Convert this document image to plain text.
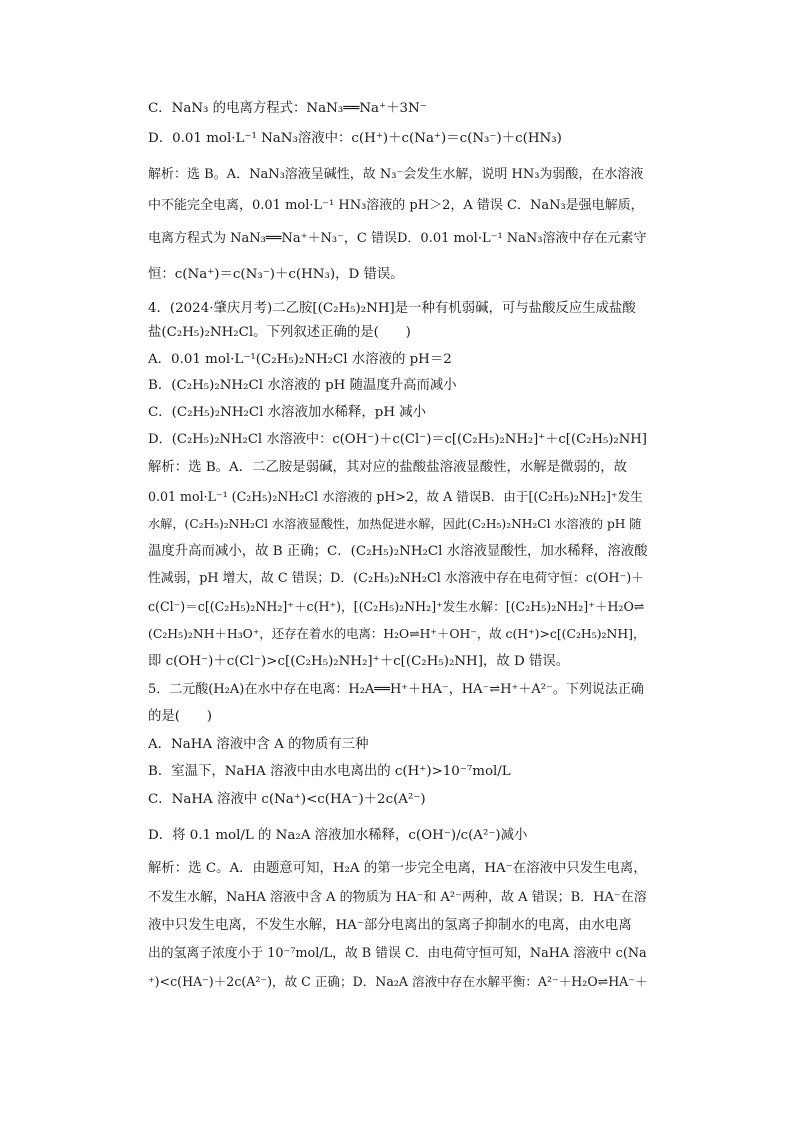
C．NaN₃ 的电离方程式：NaN₃══Na⁺＋3N⁻
D．0.01 mol·L⁻¹ NaN₃溶液中：c(H⁺)＋c(Na⁺)＝c(N₃⁻)＋c(HN₃)
解析：选 B。A．NaN₃溶液呈碱性，故 N₃⁻会发生水解，说明 HN₃为弱酸，在水溶液
中不能完全电离，0.01 mol·L⁻¹ HN₃溶液的 pH＞2，A 错误 C．NaN₃是强电解质，
电离方程式为 NaN₃══Na⁺＋N₃⁻，C 错误D．0.01 mol·L⁻¹ NaN₃溶液中存在元素守
恒：c(Na⁺)＝c(N₃⁻)＋c(HN₃)，D 错误。
4．(2024·肇庆月考)二乙胺[(C₂H₅)₂NH]是一种有机弱碱，可与盐酸反应生成盐酸
盐(C₂H₅)₂NH₂Cl。下列叙述正确的是(　　)
A．0.01 mol·L⁻¹(C₂H₅)₂NH₂Cl 水溶液的 pH＝2
B．(C₂H₅)₂NH₂Cl 水溶液的 pH 随温度升高而减小
C．(C₂H₅)₂NH₂Cl 水溶液加水稀释，pH 减小
D．(C₂H₅)₂NH₂Cl 水溶液中：c(OH⁻)＋c(Cl⁻)＝c[(C₂H₅)₂NH₂]⁺＋c[(C₂H₅)₂NH]
解析：选 B。A．二乙胺是弱碱，其对应的盐酸盐溶液显酸性，水解是微弱的，故
0.01 mol·L⁻¹ (C₂H₅)₂NH₂Cl 水溶液的 pH>2，故 A 错误B．由于[(C₂H₅)₂NH₂]⁺发生
水解，(C₂H₅)₂NH₂Cl 水溶液显酸性，加热促进水解，因此(C₂H₅)₂NH₂Cl 水溶液的 pH 随
温度升高而减小，故 B 正确；C．(C₂H₅)₂NH₂Cl 水溶液显酸性，加水稀释，溶液酸
性减弱，pH 增大，故 C 错误；D．(C₂H₅)₂NH₂Cl 水溶液中存在电荷守恒：c(OH⁻)＋
c(Cl⁻)＝c[(C₂H₅)₂NH₂]⁺＋c(H⁺)，[(C₂H₅)₂NH₂]⁺发生水解：[(C₂H₅)₂NH₂]⁺＋H₂O⇌
(C₂H₅)₂NH＋H₃O⁺，还存在着水的电离：H₂O⇌H⁺＋OH⁻，故 c(H⁺)>c[(C₂H₅)₂NH]，
即 c(OH⁻)＋c(Cl⁻)>c[(C₂H₅)₂NH₂]⁺＋c[(C₂H₅)₂NH]，故 D 错误。
5．二元酸(H₂A)在水中存在电离：H₂A══H⁺＋HA⁻，HA⁻⇌H⁺＋A²⁻。下列说法正确
的是(　　)
A．NaHA 溶液中含 A 的物质有三种
B．室温下，NaHA 溶液中由水电离出的 c(H⁺)>10⁻⁷mol/L
C．NaHA 溶液中 c(Na⁺)<c(HA⁻)＋2c(A²⁻)
D．将 0.1 mol/L 的 Na₂A 溶液加水稀释，c(OH⁻)/c(A²⁻)减小
解析：选 C。A．由题意可知，H₂A 的第一步完全电离，HA⁻在溶液中只发生电离，
不发生水解，NaHA 溶液中含 A 的物质为 HA⁻和 A²⁻两种，故 A 错误；B．HA⁻在溶
液中只发生电离，不发生水解，HA⁻部分电离出的氢离子抑制水的电离，由水电离
出的氢离子浓度小于 10⁻⁷mol/L，故 B 错误 C．由电荷守恒可知，NaHA 溶液中 c(Na
⁺)<c(HA⁻)＋2c(A²⁻)，故 C 正确；D．Na₂A 溶液中存在水解平衡：A²⁻＋H₂O⇌HA⁻＋
